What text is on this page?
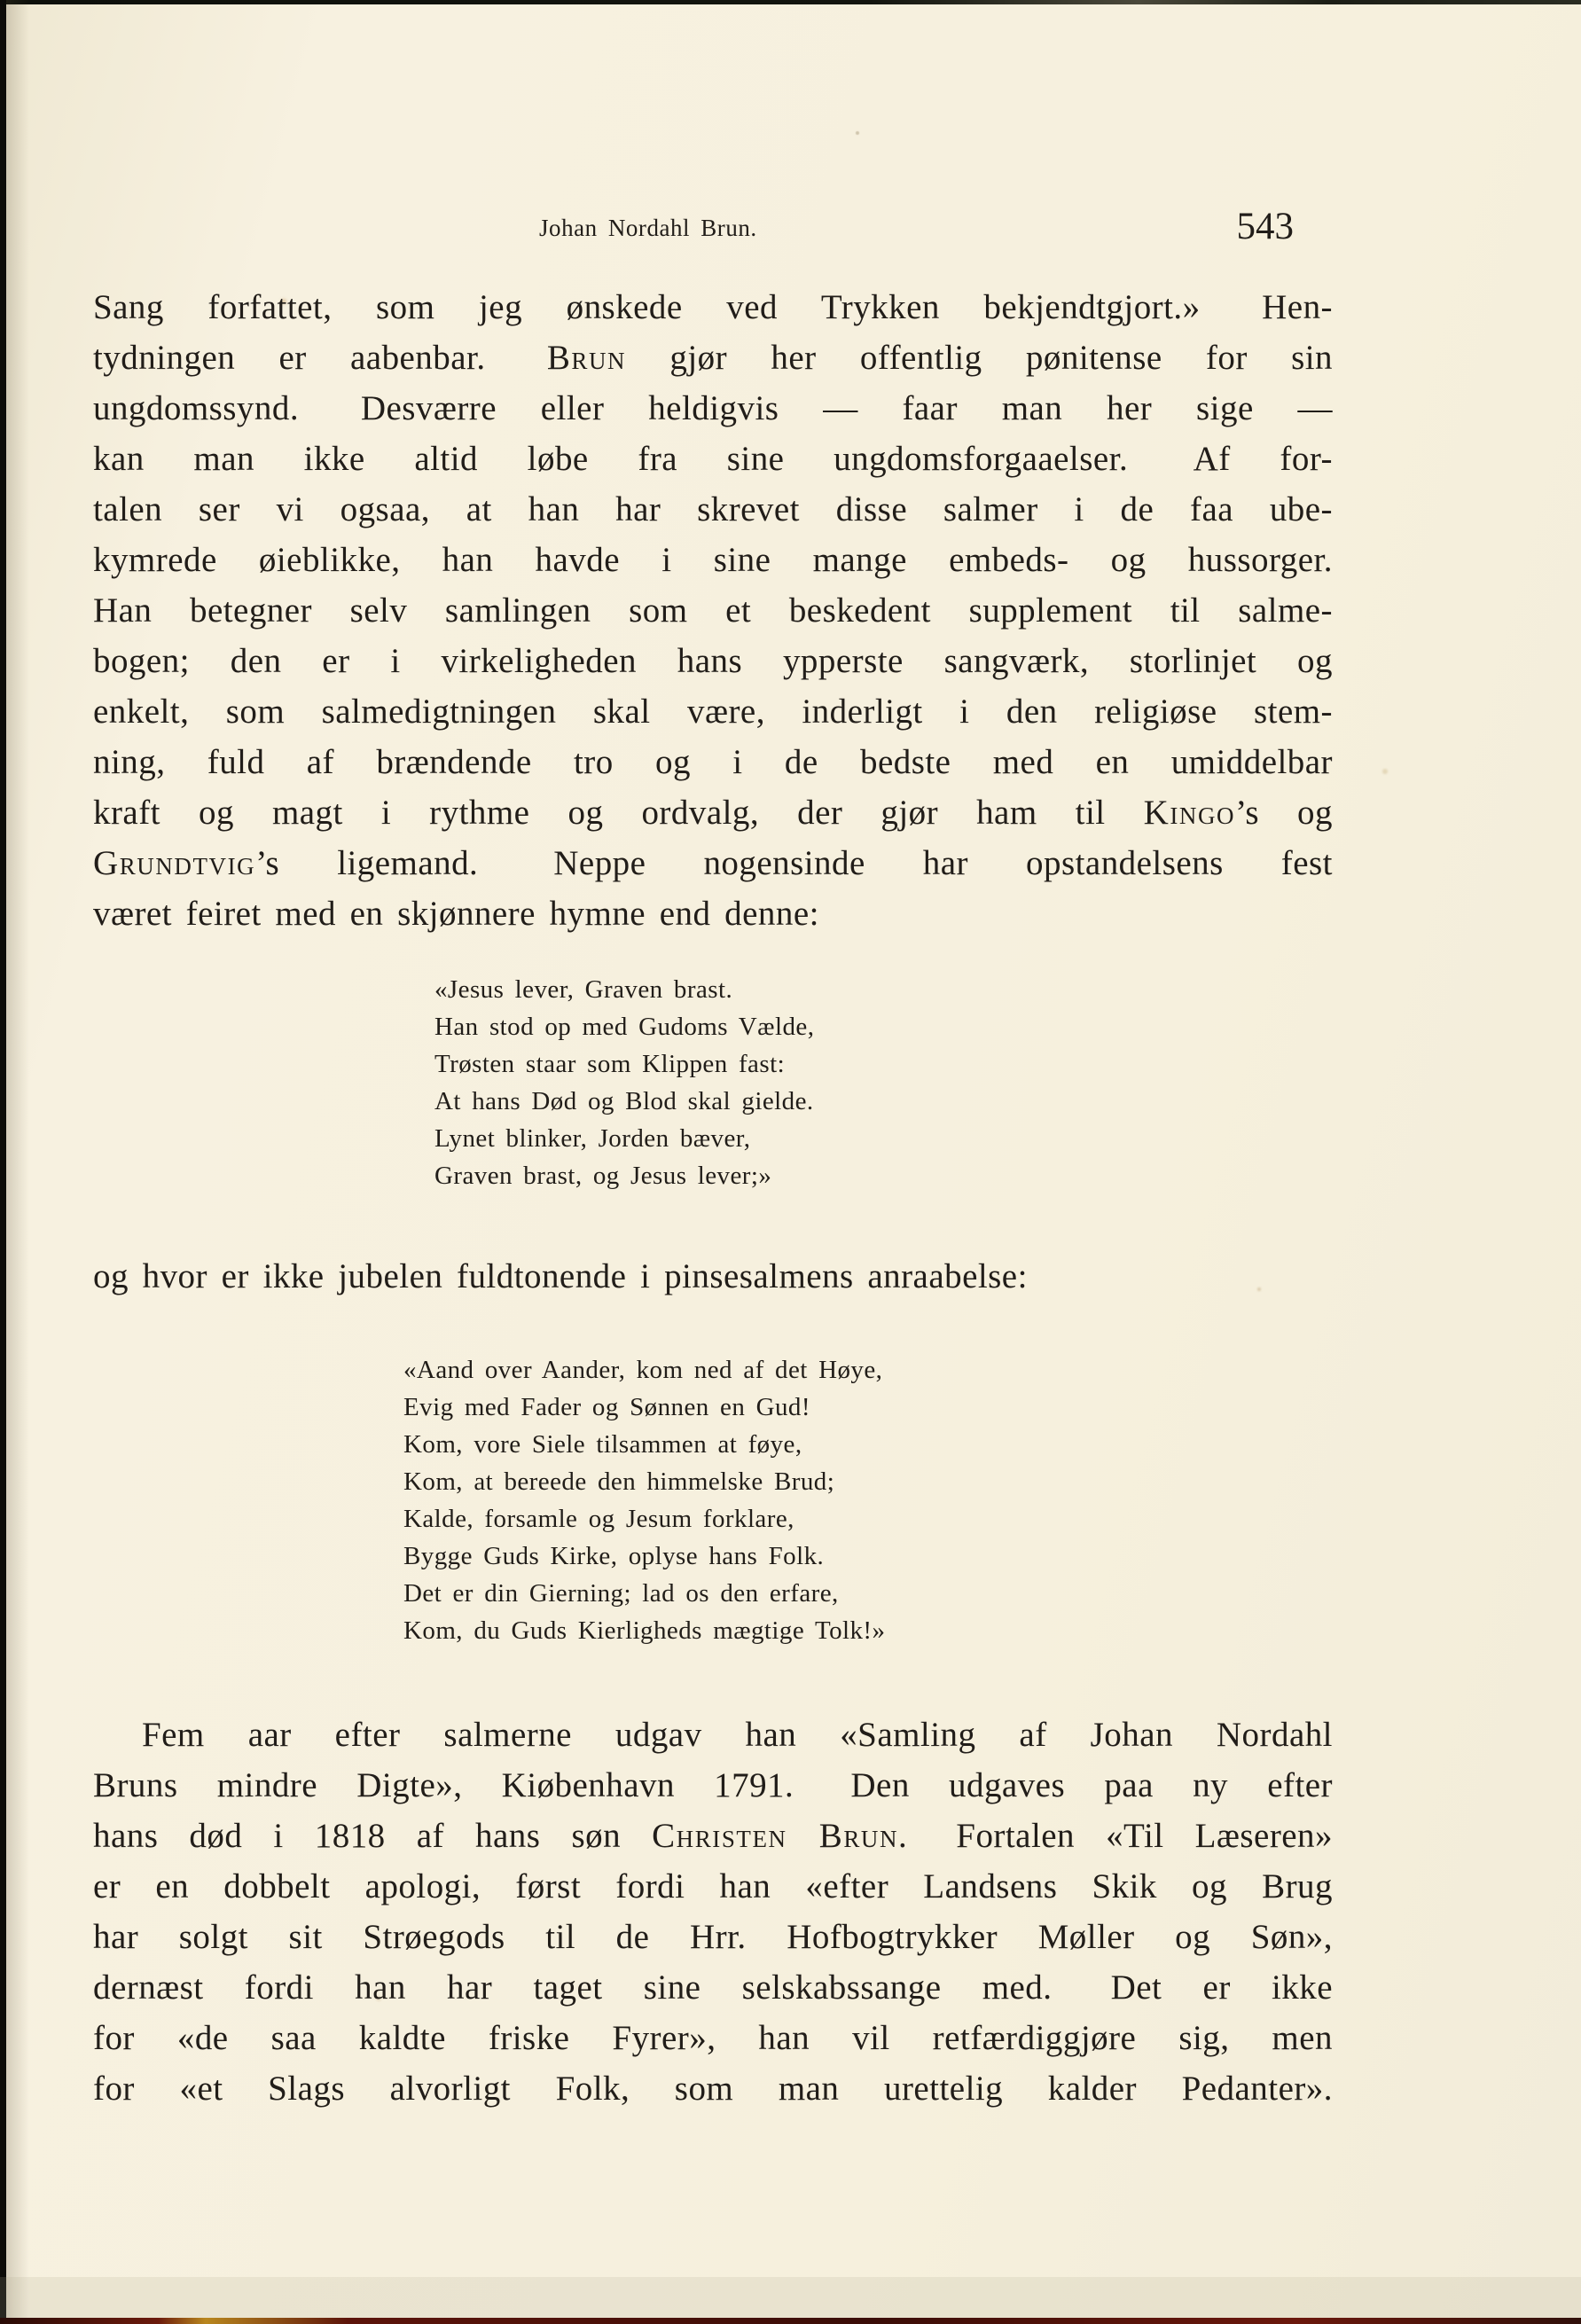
Johan Nordahl Brun.	543

Sang forfattet, som jeg ønskede ved Trykken bekjendtgjort.»  Hen-

tydningen er aabenbar.  Brun gjør her offentlig pønitense for sin

ungdomssynd.  Desværre eller heldigvis — faar man her sige —

kan man ikke altid løbe fra sine ungdomsforgaaelser.  Af for-

talen ser vi ogsaa, at han har skrevet disse salmer i de faa ube-

kymrede øieblikke, han havde i sine mange embeds- og hussorger.

Han betegner selv samlingen som et beskedent supplement til salme-

bogen; den er i virkeligheden hans ypperste sangværk, storlinjet og

enkelt, som salmedigtningen skal være, inderligt i den religiøse stem-

ning, fuld af brændende tro og i de bedste med en umiddelbar

kraft og magt i rythme og ordvalg, der gjør ham til Kingo’s og

Grundtvig’s ligemand.  Neppe nogensinde har opstandelsens fest

været feiret med en skjønnere hymne end denne:

«Jesus lever, Graven brast.

Han stod op med Gudoms Vælde,

Trøsten staar som Klippen fast:

At hans Død og Blod skal gielde.

Lynet blinker, Jorden bæver,

Graven brast, og Jesus lever;»

og hvor er ikke jubelen fuldtonende i pinsesalmens anraabelse:

«Aand over Aander, kom ned af det Høye,

Evig med Fader og Sønnen en Gud!

Kom, vore Siele tilsammen at føye,

Kom, at bereede den himmelske Brud;

Kalde, forsamle og Jesum forklare,

Bygge Guds Kirke, oplyse hans Folk.

Det er din Gierning; lad os den erfare,

Kom, du Guds Kierligheds mægtige Tolk!»

Fem aar efter salmerne udgav han «Samling af Johan Nordahl

Bruns mindre Digte», Kiøbenhavn 1791.  Den udgaves paa ny efter

hans død i 1818 af hans søn Christen Brun.  Fortalen «Til Læseren»

er en dobbelt apologi, først fordi han «efter Landsens Skik og Brug

har solgt sit Strøegods til de Hrr. Hofbogtrykker Møller og Søn»,

dernæst fordi han har taget sine selskabssange med.  Det er ikke

for «de saa kaldte friske Fyrer», han vil retfærdiggjøre sig, men

for «et Slags alvorligt Folk, som man urettelig kalder Pedanter».
